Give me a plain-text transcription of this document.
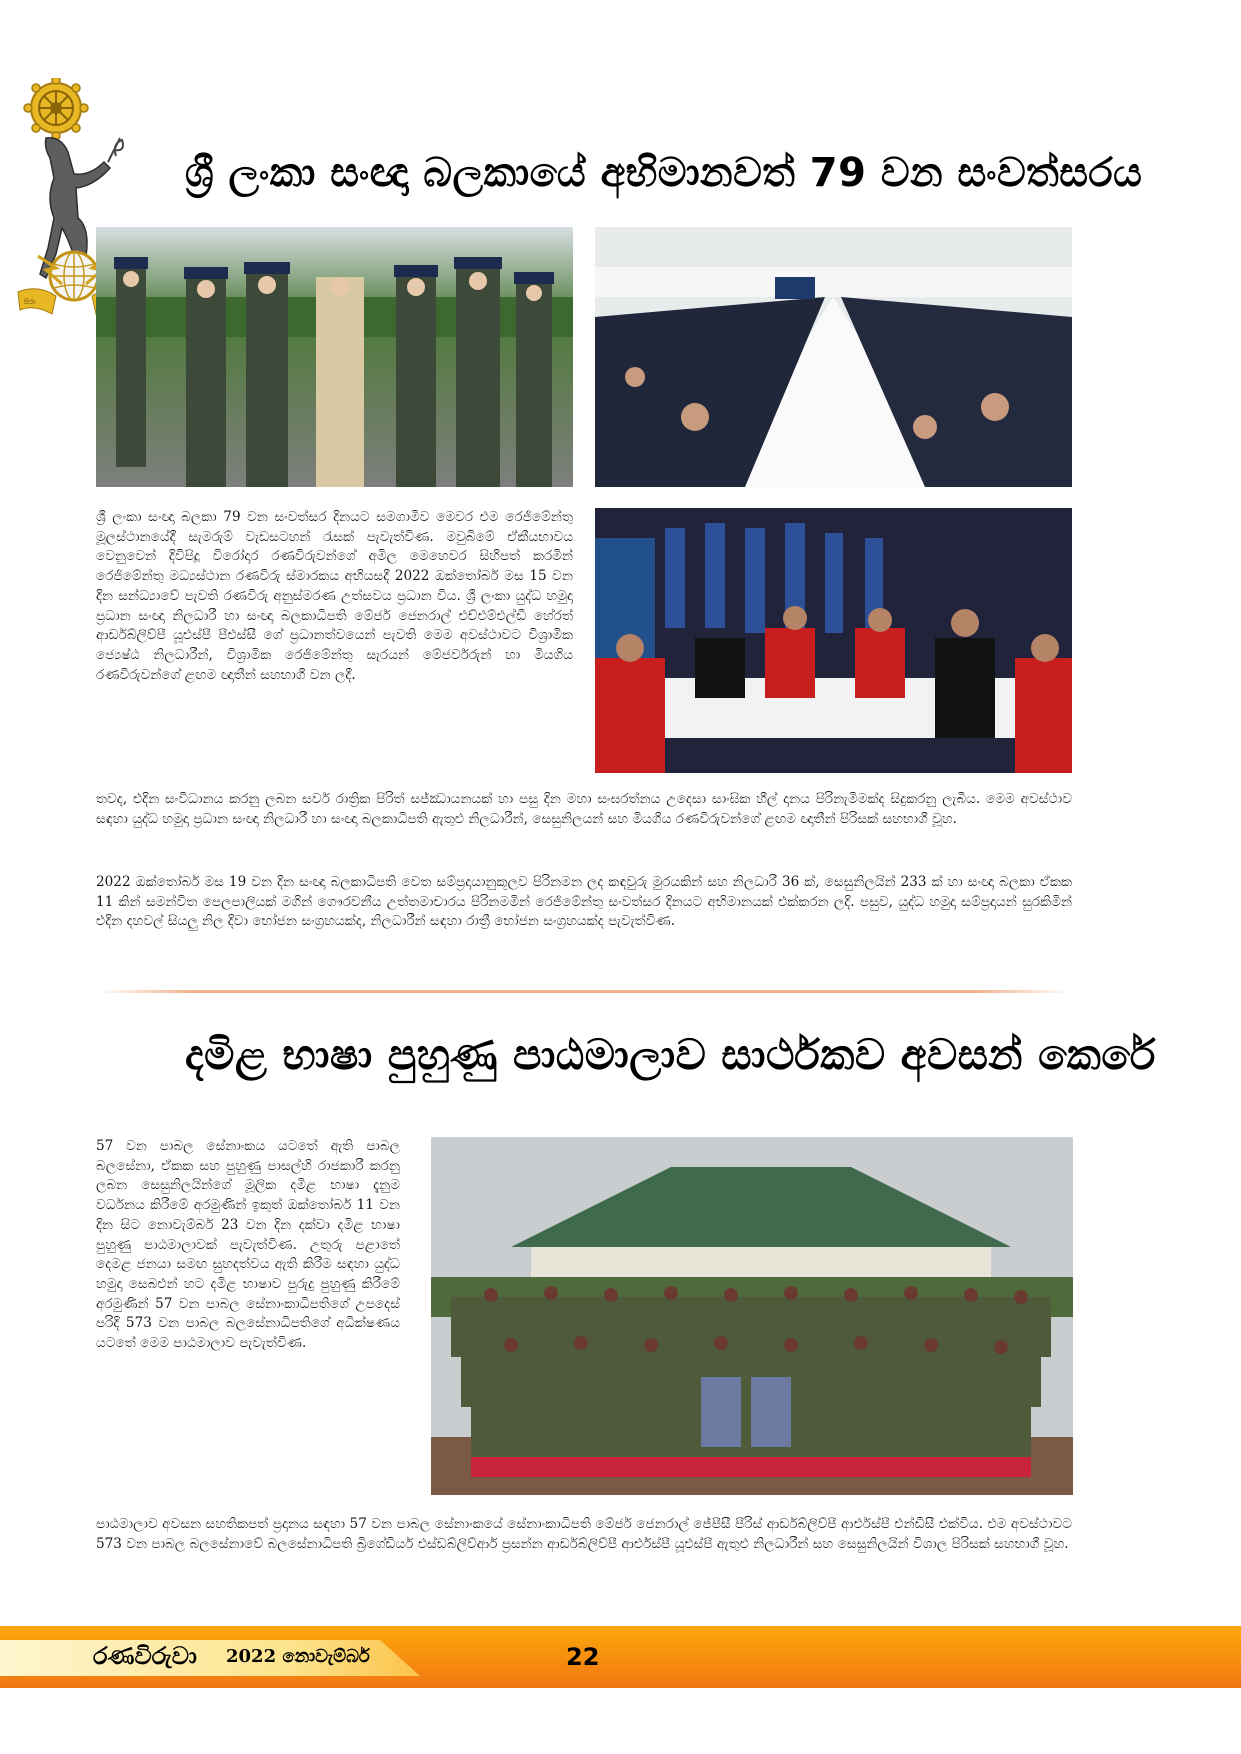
සිරා
ශ්‍රී ලංකා සංඥා බලකායේ අභිමානවත් 79 වන සංවත්සරය

ශ්‍රී ලංකා සංඥා බලකා 79 වන සංවත්සර දිනයට සමගාමීව මෙවර එම රෙජිමේන්තු මූලස්ථානයේදී සැමරුම් වැඩසටහන් රැසක් පැවැත්විණ. මවුබිමේ ඒකීයභාවය වෙනුවෙන් දිවිපිදූ විරෝදාර රණවිරුවන්ගේ අමිල මෙහෙවර සිහිපත් කරමින් රෙජිමේන්තු මධ්‍යස්ථාන රණවිරු ස්මාරකය අභියසදී 2022 ඔක්තෝබර් මස 15 වන දින සන්ධ්‍යාවේ පැවති රණවිරු අනුස්මරණ උත්සවය ප්‍රධාන විය. ශ්‍රී ලංකා යුද්ධ හමුදා ප්‍රධාන සංඥා නිලධාරී හා සංඥා බලකාධිපති මේජර් ජෙනරාල් එච්එම්එල්ඩී හේරත් ආර්ඩබ්ලිව්පී යූඑස්පී පීඑස්සී ගේ ප්‍රධානත්වයෙන් පැවති මෙම අවස්ථාවට විශ්‍රාමික ජ්‍යෙෂ්ඨ නිලධාරීන්, විශ්‍රාමික රෙජිමේන්තු සැරයන් මේජර්වරුන් හා මියගිය රණවිරුවන්ගේ ළඟම ඥාතීන් සහභාගී වන ලදී.

තවද, එදින සංවිධානය කරනු ලබන සර්ව රාත්‍රික පිරිත් සජ්ඣායනයක් හා පසු දින මහා සංඝරත්නය උදෙසා සාංඝික හීල් දානය පිරිනැමීමක්ද සිදුකරනු ලැබීය. මෙම අවස්ථාව සඳහා යුද්ධ හමුදා ප්‍රධාන සංඥා නිලධාරී හා සංඥා බලකාධිපති ඇතුළු නිලධාරීන්, සෙසුනිලයන් සහ මියගිය රණවිරුවන්ගේ ළඟම ඥාතීන් පිරිසක් සහභාගී වූහ.

2022 ඔක්තෝබර් මස 19 වන දින සංඥා බලකාධිපති වෙත සම්ප්‍රදායානුකූලව පිරිනමන ලද කඳවුරු මුරයකින් සහ නිලධාරී 36 ක්, සෙසුනිලයින් 233 ක් හා සංඥා බලකා ඒකක 11 කින් සමන්විත පෙලපාලියක් මගින් ගෞරවනීය උත්තමාචාරය පිරිනමමින් රෙජිමේන්තු සංවත්සර දිනයට අභිමානයක් එක්කරන ලදි. පසුව, යුද්ධ හමුදා සම්ප්‍රදායන් සුරකිමින් එදින දහවල් සියලු නිල දිවා භෝජන සංග්‍රහයක්ද, නිලධාරීන් සඳහා රාත්‍රී භෝජන සංග්‍රහයක්ද පැවැත්විණ.

දමිළ භාෂා පුහුණු පාඨමාලාව සාර්ථකව අවසන් කෙරේ

57 වන පාබල සේනාංකය යටතේ ඇති පාබල බලසේනා, ඒකක සහ පුහුණු පාසල්හි රාජකාරී කරනු ලබන සෙසුනිලයින්ගේ මූලික දමිළ භාෂා දැනුම වර්ධනය කිරීමේ අරමුණින් ඉකුත් ඔක්තෝබර් 11 වන දින සිට නොවැම්බර් 23 වන දින දක්වා දමිළ භාෂා පුහුණු පාඨමාලාවක් පැවැත්විණ. උතුරු පළාතේ දෙමළ ජනයා සමඟ සුහදත්වය ඇති කිරීම සඳහා යුද්ධ හමුදා සෙබළුන් හට දමිළ භාෂාව පුරුදු පුහුණු කිරීමේ අරමුණින් 57 වන පාබල සේනාංකාධිපතිගේ උපදෙස් පරිදි 573 වන පාබල බලසේනාධිපතිගේ අධීක්ෂණය යටතේ මෙම පාඨමාලාව පැවැත්විණ.

පාඨමාලාව අවසන සහතිකපත් ප්‍රදානය සඳහා 57 වන පාබල සේනාංකයේ සේනාංකාධිපති මේජර් ජෙනරාල් ජේපීසී පීරිස් ආර්ඩබ්ලිව්පී ආර්එස්පී එන්ඩීසී එක්විය. එම අවස්ථාවට 573 වන පාබල බලසේනාවේ බලසේනාධිපති බ්‍රිගේඩියර් එස්ඩබ්ලිව්ආර් ප්‍රසන්න ආර්ඩබ්ලිව්පී ආර්එස්පී යූඑස්පී ඇතුළු නිලධාරීන් සහ සෙසුනිලයින් විශාල පිරිසක් සහභාගී වූහ.

රණවිරුවා 2022 නොවැම්බර්	22
